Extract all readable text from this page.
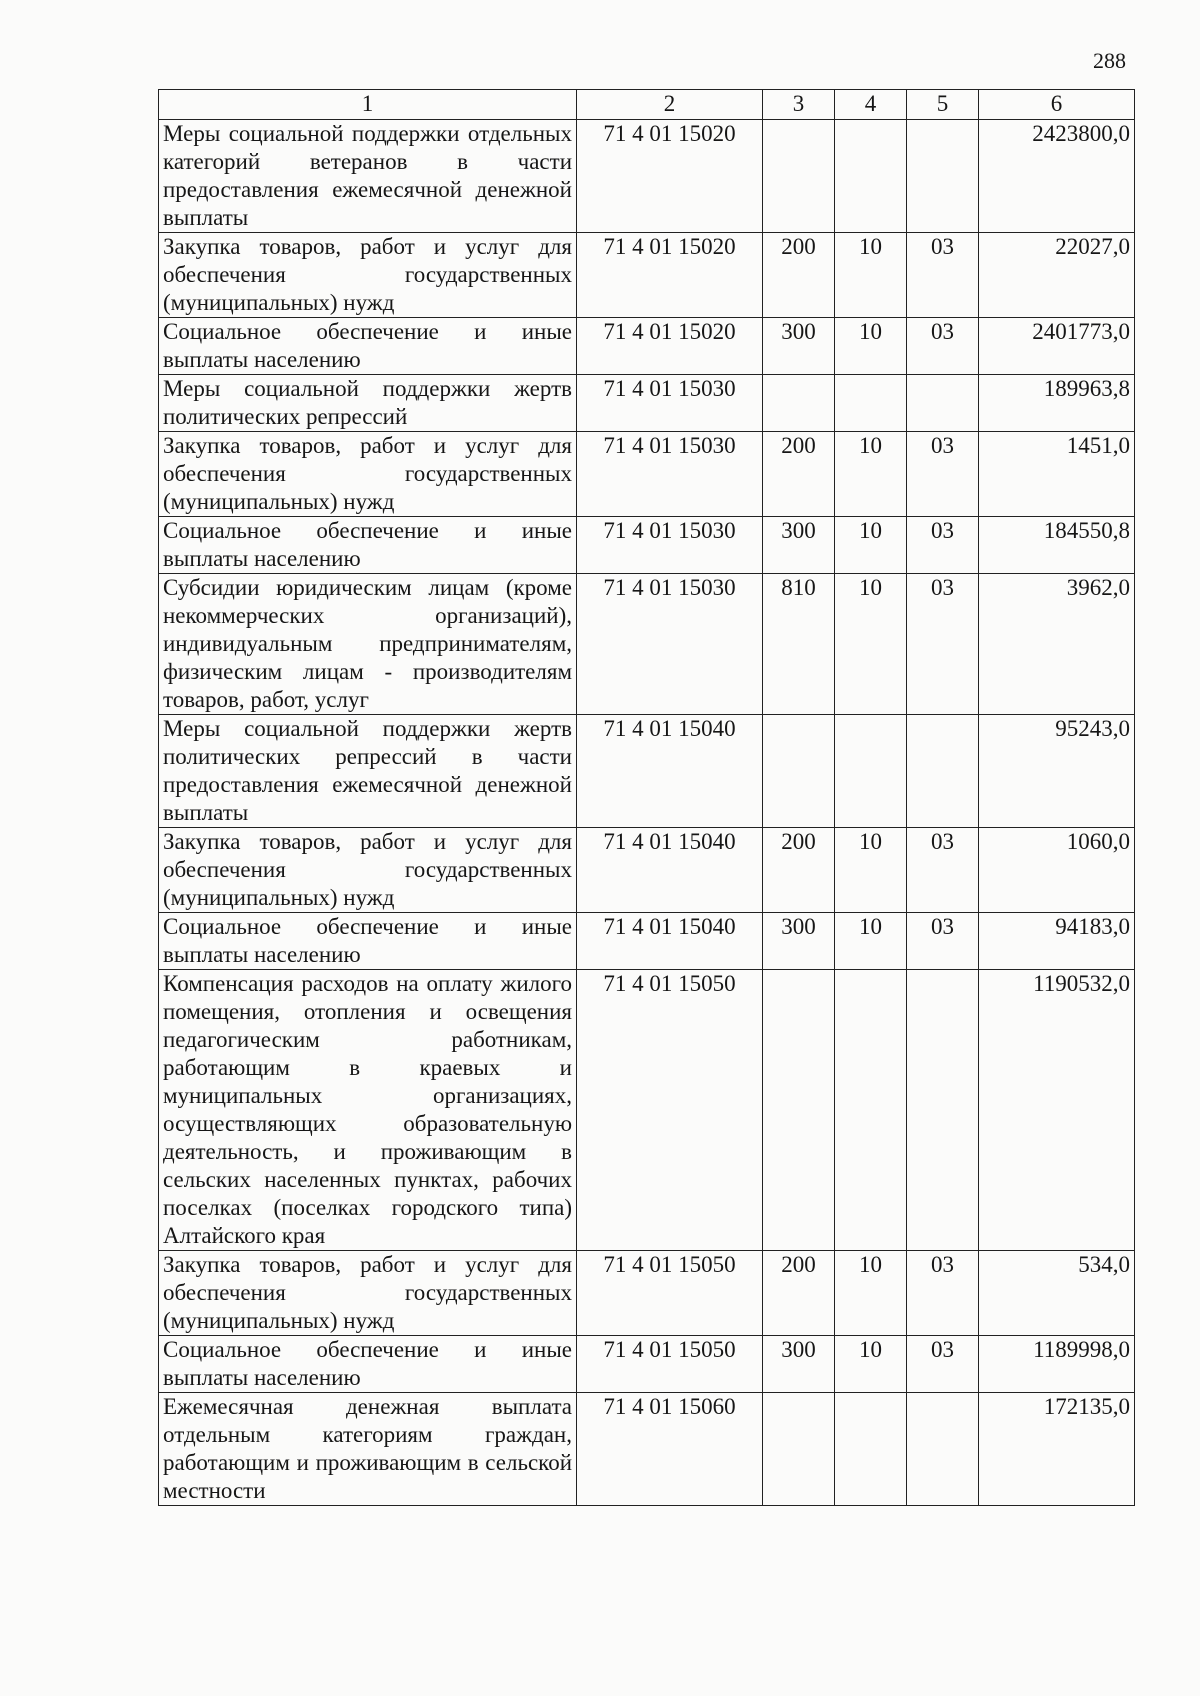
288
1	2	3	4	5	6
Меры социальной поддержки отдельных категорий ветеранов в части предоставления ежемесячной денежной выплаты	71 4 01 15020				2423800,0
Закупка товаров, работ и услуг для обеспечения государственных (муниципальных) нужд	71 4 01 15020	200	10	03	22027,0
Социальное обеспечение и иные выплаты населению	71 4 01 15020	300	10	03	2401773,0
Меры социальной поддержки жертв политических репрессий	71 4 01 15030				189963,8
Закупка товаров, работ и услуг для обеспечения государственных (муниципальных) нужд	71 4 01 15030	200	10	03	1451,0
Социальное обеспечение и иные выплаты населению	71 4 01 15030	300	10	03	184550,8
Субсидии юридическим лицам (кроме некоммерческих организаций), индивидуальным предпринимателям, физическим лицам - производителям товаров, работ, услуг	71 4 01 15030	810	10	03	3962,0
Меры социальной поддержки жертв политических репрессий в части предоставления ежемесячной денежной выплаты	71 4 01 15040				95243,0
Закупка товаров, работ и услуг для обеспечения государственных (муниципальных) нужд	71 4 01 15040	200	10	03	1060,0
Социальное обеспечение и иные выплаты населению	71 4 01 15040	300	10	03	94183,0
Компенсация расходов на оплату жилого помещения, отопления и освещения педагогическим работникам, работающим в краевых и муниципальных организациях, осуществляющих образовательную деятельность, и проживающим в сельских населенных пунктах, рабочих поселках (поселках городского типа) Алтайского края	71 4 01 15050				1190532,0
Закупка товаров, работ и услуг для обеспечения государственных (муниципальных) нужд	71 4 01 15050	200	10	03	534,0
Социальное обеспечение и иные выплаты населению	71 4 01 15050	300	10	03	1189998,0
Ежемесячная денежная выплата отдельным категориям граждан, работающим и проживающим в сельской местности	71 4 01 15060				172135,0
